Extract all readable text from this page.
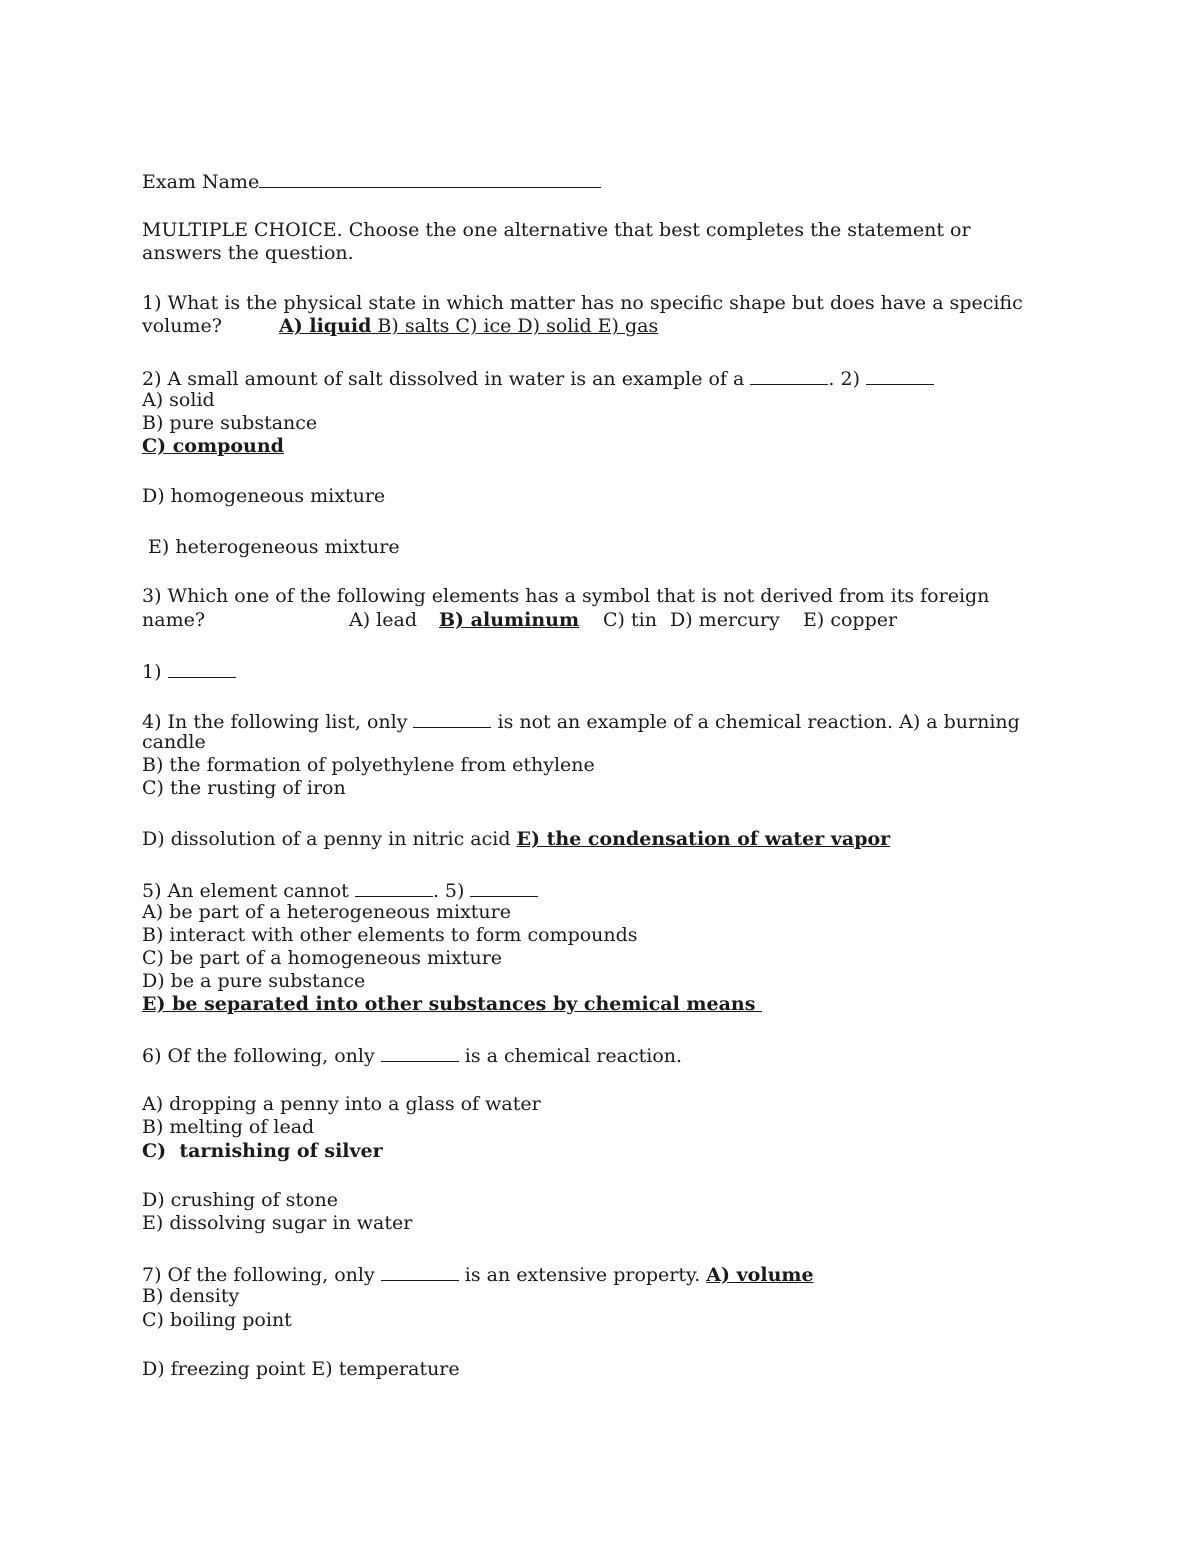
Exam Name
MULTIPLE CHOICE. Choose the one alternative that best completes the statement or
answers the question.
1) What is the physical state in which matter has no specific shape but does have a specific
volume?	A) liquid B) salts C) ice D) solid E) gas
2) A small amount of salt dissolved in water is an example of a	. 2)
A) solid
B) pure substance
C) compound
D) homogeneous mixture
E) heterogeneous mixture
3) Which one of the following elements has a symbol that is not derived from its foreign
name?	A) lead B) aluminum C) tin D) mercury E) copper
1)
4) In the following list, only	is not an example of a chemical reaction. A) a burning
candle
B) the formation of polyethylene from ethylene
C) the rusting of iron
D) dissolution of a penny in nitric acid E) the condensation of water vapor
5) An element cannot	. 5)
A) be part of a heterogeneous mixture
B) interact with other elements to form compounds
C) be part of a homogeneous mixture
D) be a pure substance
E) be separated into other substances by chemical means
6) Of the following, only	is a chemical reaction.
A) dropping a penny into a glass of water
B) melting of lead
C)  tarnishing of silver
D) crushing of stone
E) dissolving sugar in water
7) Of the following, only	is an extensive property. A) volume
B) density
C) boiling point
D) freezing point E) temperature
